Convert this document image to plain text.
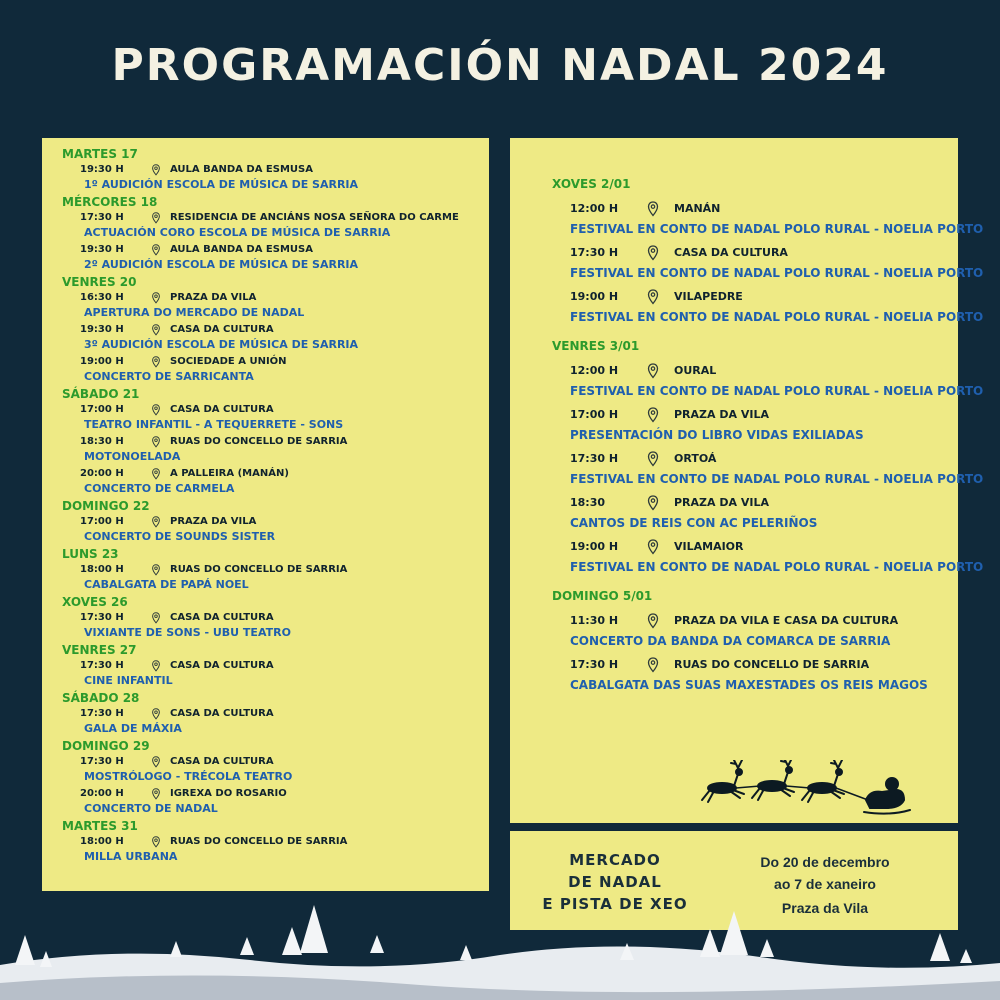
PROGRAMACIÓN NADAL 2024
MARTES 17
19:30 H	AULA BANDA DA ESMUSA
1º AUDICIÓN ESCOLA DE MÚSICA DE SARRIA
MÉRCORES 18
17:30 H	RESIDENCIA DE ANCIÁNS NOSA SEÑORA DO CARME
ACTUACIÓN CORO ESCOLA DE MÚSICA DE SARRIA
19:30 H	AULA BANDA DA ESMUSA
2º AUDICIÓN ESCOLA DE MÚSICA DE SARRIA
VENRES 20
16:30 H	PRAZA DA VILA
APERTURA DO MERCADO DE NADAL
19:30 H	CASA DA CULTURA
3º AUDICIÓN ESCOLA DE MÚSICA DE SARRIA
19:00 H	SOCIEDADE A UNIÓN
CONCERTO DE SARRICANTA
SÁBADO 21
17:00 H	CASA DA CULTURA
TEATRO INFANTIL - A TEQUERRETE - SONS
18:30 H	RUAS DO CONCELLO DE SARRIA
MOTONOELADA
20:00 H	A PALLEIRA (MANÁN)
CONCERTO DE CARMELA
DOMINGO 22
17:00 H	PRAZA DA VILA
CONCERTO DE SOUNDS SISTER
LUNS 23
18:00 H	RUAS DO CONCELLO DE SARRIA
CABALGATA DE PAPÁ NOEL
XOVES 26
17:30 H	CASA DA CULTURA
VIXIANTE DE SONS - UBU TEATRO
VENRES 27
17:30 H	CASA DA CULTURA
CINE INFANTIL
SÁBADO 28
17:30 H	CASA DA CULTURA
GALA DE MÁXIA
DOMINGO 29
17:30 H	CASA DA CULTURA
MOSTRÓLOGO - TRÉCOLA TEATRO
20:00 H	IGREXA DO ROSARIO
CONCERTO DE NADAL
MARTES 31
18:00 H	RUAS DO CONCELLO DE SARRIA
MILLA URBANA
XOVES 2/01
12:00 H	MANÁN
FESTIVAL EN CONTO DE NADAL POLO RURAL - NOELIA PORTO
17:30 H	CASA DA CULTURA
FESTIVAL EN CONTO DE NADAL POLO RURAL - NOELIA PORTO
19:00 H	VILAPEDRE
FESTIVAL EN CONTO DE NADAL POLO RURAL - NOELIA PORTO
VENRES 3/01
12:00 H	OURAL
FESTIVAL EN CONTO DE NADAL POLO RURAL - NOELIA PORTO
17:00 H	PRAZA DA VILA
PRESENTACIÓN DO LIBRO VIDAS EXILIADAS
17:30 H	ORTOÁ
FESTIVAL EN CONTO DE NADAL POLO RURAL - NOELIA PORTO
18:30	PRAZA DA VILA
CANTOS DE REIS CON AC PELERIÑOS
19:00 H	VILAMAIOR
FESTIVAL EN CONTO DE NADAL POLO RURAL - NOELIA PORTO
DOMINGO 5/01
11:30 H	PRAZA DA VILA E CASA DA CULTURA
CONCERTO DA BANDA DA COMARCA DE SARRIA
17:30 H	RUAS DO CONCELLO DE SARRIA
CABALGATA DAS SUAS MAXESTADES OS REIS MAGOS
MERCADO
DE NADAL
E PISTA DE XEO
Do 20 de decembro
ao 7 de xaneiro
Praza da Vila
